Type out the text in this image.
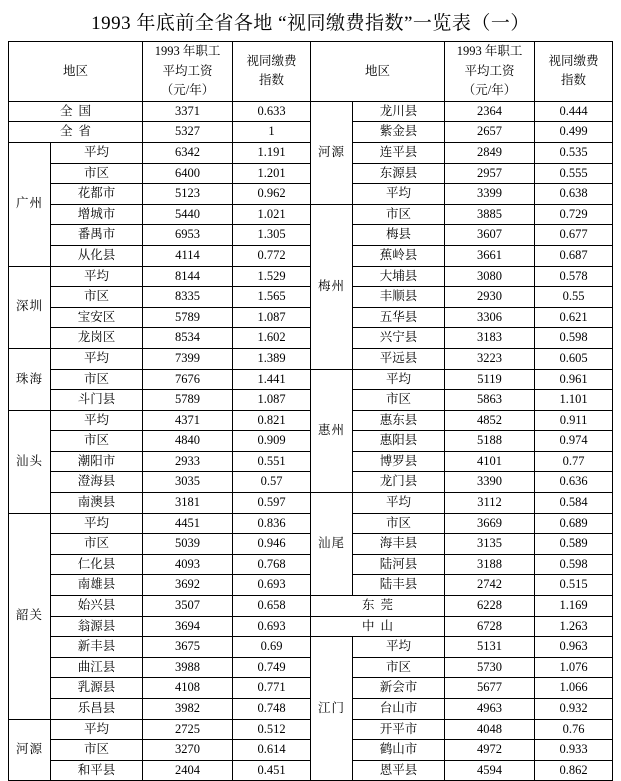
1993 年底前全省各地 “视同缴费指数”一览表（一）
地区		1993 年职工
平均工资
（元/年）	视同缴费
指数	地区		1993 年职工
平均工资
（元/年）	视同缴费
指数

全国		3371	0.633	河源	龙川县	2364	0.444
全省		5327	1		紫金县	2657	0.499
广州	平均	6342	1.191		连平县	2849	0.535
	市区	6400	1.201		东源县	2957	0.555
	花都市	5123	0.962		平均	3399	0.638
	增城市	5440	1.021	梅州	市区	3885	0.729
	番禺市	6953	1.305		梅县	3607	0.677
	从化县	4114	0.772		蕉岭县	3661	0.687
深圳	平均	8144	1.529		大埔县	3080	0.578
	市区	8335	1.565		丰顺县	2930	0.55
	宝安区	5789	1.087		五华县	3306	0.621
	龙岗区	8534	1.602		兴宁县	3183	0.598
珠海	平均	7399	1.389		平远县	3223	0.605
	市区	7676	1.441	惠州	平均	5119	0.961
	斗门县	5789	1.087		市区	5863	1.101
汕头	平均	4371	0.821		惠东县	4852	0.911
	市区	4840	0.909		惠阳县	5188	0.974
	潮阳市	2933	0.551		博罗县	4101	0.77
	澄海县	3035	0.57		龙门县	3390	0.636
	南澳县	3181	0.597	汕尾	平均	3112	0.584
韶关	平均	4451	0.836		市区	3669	0.689
	市区	5039	0.946		海丰县	3135	0.589
	仁化县	4093	0.768		陆河县	3188	0.598
	南雄县	3692	0.693		陆丰县	2742	0.515
	始兴县	3507	0.658	东莞		6228	1.169
	翁源县	3694	0.693	中山		6728	1.263
	新丰县	3675	0.69	江门	平均	5131	0.963
	曲江县	3988	0.749		市区	5730	1.076
	乳源县	4108	0.771		新会市	5677	1.066
	乐昌县	3982	0.748		台山市	4963	0.932
河源	平均	2725	0.512		开平市	4048	0.76
	市区	3270	0.614		鹤山市	4972	0.933
	和平县	2404	0.451		恩平县	4594	0.862
